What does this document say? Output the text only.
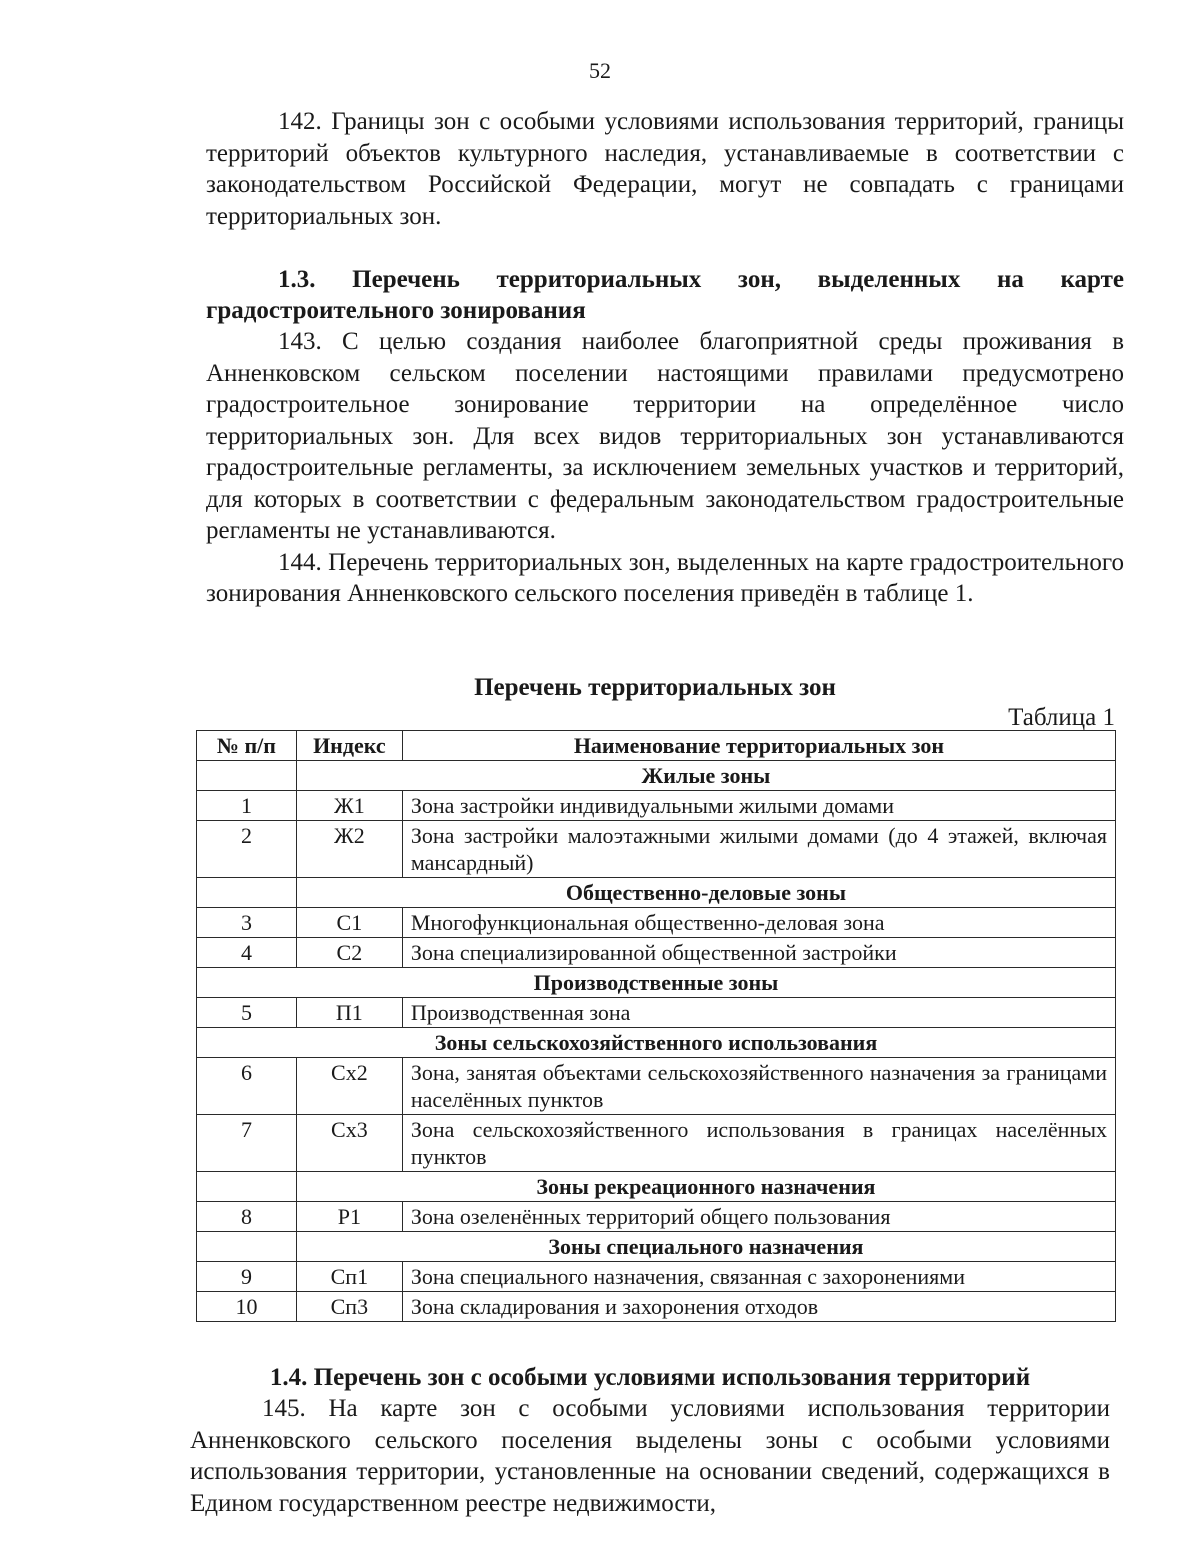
52

142. Границы зон с особыми условиями использования территорий, границы территорий объектов культурного наследия, устанавливаемые в соответствии с законодательством Российской Федерации, могут не совпадать с границами территориальных зон.

1.3. Перечень территориальных зон, выделенных на карте градостроительного зонирования

143. С целью создания наиболее благоприятной среды проживания в Анненковском сельском поселении настоящими правилами предусмотрено градостроительное зонирование территории на определённое число территориальных зон. Для всех видов территориальных зон устанавливаются градостроительные регламенты, за исключением земельных участков и территорий, для которых в соответствии с федеральным законодательством градостроительные регламенты не устанавливаются.

144. Перечень территориальных зон, выделенных на карте градостроительного зонирования Анненковского сельского поселения приведён в таблице 1.

Перечень территориальных зон
Таблица 1
№ п/п	Индекс	Наименование территориальных зон
	Жилые зоны	
1	Ж1	Зона застройки индивидуальными жилыми домами
2	Ж2	Зона застройки малоэтажными жилыми домами (до 4 этажей, включая мансардный)
	Общественно-деловые зоны	
3	С1	Многофункциональная общественно-деловая зона
4	С2	Зона специализированной общественной застройки
Производственные зоны		
5	П1	Производственная зона
Зоны сельскохозяйственного использования		
6	Сх2	Зона, занятая объектами сельскохозяйственного назначения за границами населённых пунктов
7	Сх3	Зона сельскохозяйственного использования в границах населённых пунктов
	Зоны рекреационного назначения	
8	Р1	Зона озеленённых территорий общего пользования
	Зоны специального назначения	
9	Сп1	Зона специального назначения, связанная с захоронениями
10	Сп3	Зона складирования и захоронения отходов
1.4. Перечень зон с особыми условиями использования территорий
145. На карте зон с особыми условиями использования территории Анненковского сельского поселения выделены зоны с особыми условиями использования территории, установленные на основании сведений, содержащихся в Едином государственном реестре недвижимости,
